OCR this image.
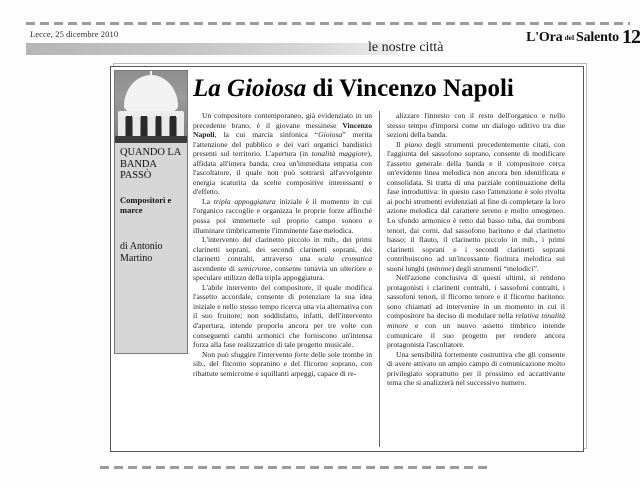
Lecce, 25 dicembre 2010	L'Ora del Salento 12
le nostre città
QUANDO LA BANDA PASSÒ
Compositori e marce
di Antonio Martino
La Gioiosa di Vincenzo Napoli

Un compositore contemporaneo, già evidenziato in un precedente brano, è il giovane messinese Vincenzo Napoli, la cui marcia sinfonica “Gioiosa” merita l'attenzione del pubblico e dei vari organici bandistici presenti sul territorio. L'apertura (in tonalità maggiore), affidata all'intera banda, crea un'immediata empatia con l'ascoltatore, il quale non può sottrarsi all'avvolgente energia scaturita da scelte compositive interessanti e d'effetto.

La tripla appoggiatura iniziale è il momento in cui l'organico raccoglie e organizza le proprie forze affinché possa poi immetterle sul proprio campo sonoro e illuminare timbricamente l'imminente fase melodica.

L'intervento del clarinetto piccolo in mib., dei primi clarinetti soprani, dei secondi clarinetti soprani, dei clarinetti contralti, attraverso una scala cromatica ascendente di semicrome, consente tuttavia un ulteriore e speculare utilizzo della tripla appoggiatura.

L'abile intervento del compositore, il quale modifica l'assetto accordale, consente di potenziare la sua idea iniziale e nello stesso tempo ricerca una via alternativa con il suo fruitore; non soddisfatto, infatti, dell'intervento d'apertura, intende proporlo ancora per tre volte con conseguenti cambi armonici che forniscono un'intensa forza alla fase realizzatrice di tale progetto musicale.

Non può sfuggire l'intervento forte delle sole trombe in sib., del flicorno sopranino e del flicorno soprano, con ribattute semicrome e squillanti arpeggi, capace di re-

alizzare l'innesto con il resto dell'organico e nello stesso tempo d'imporsi come un dialogo uditivo tra due sezioni della banda.

Il piano degli strumenti precedentemente citati, con l'aggiunta del sassofono soprano, consente di modificare l'assetto generale della banda e il compositore cerca un'evidente linea melodica non ancora ben identificata e consolidata. Si tratta di una parziale continuazione della fase introduttiva: in questo caso l'attenzione è solo rivolta ai pochi strumenti evidenziati al fine di completare la loro azione melodica dal carattere sereno e molto omogeneo. Lo sfondo armonico è retto dal basso tuba, dai tromboni tenori, dai corni, dal sassofono baritono e dal clarinetto basso; il flauto, il clarinetto piccolo in mib., i primi clarinetti soprani e i secondi clarinetti soprani contribuiscono ad un'incessante fioritura melodica sui suoni lunghi (minime) degli strumenti “melodici”.

Nell'azione conclusiva di questi ultimi, si rendono protagonisti i clarinetti contralti, i sassofoni contralti, i sassofoni tenori, il flicorno tenore e il flicorno baritono: sono chiamati ad intervenire in un momento in cui il compositore ha deciso di modulare nella relativa tonalità minore e con un nuovo assetto timbrico intende comunicare il suo progetto per rendere ancora protagonista l'ascoltatore.

Una sensibilità fortemente costruttiva che gli consente di avere attivato un ampio campo di comunicazione molto privilegiato soprattutto per il prossimo ed accattivante tema che si analizzerà nel successivo numero.
